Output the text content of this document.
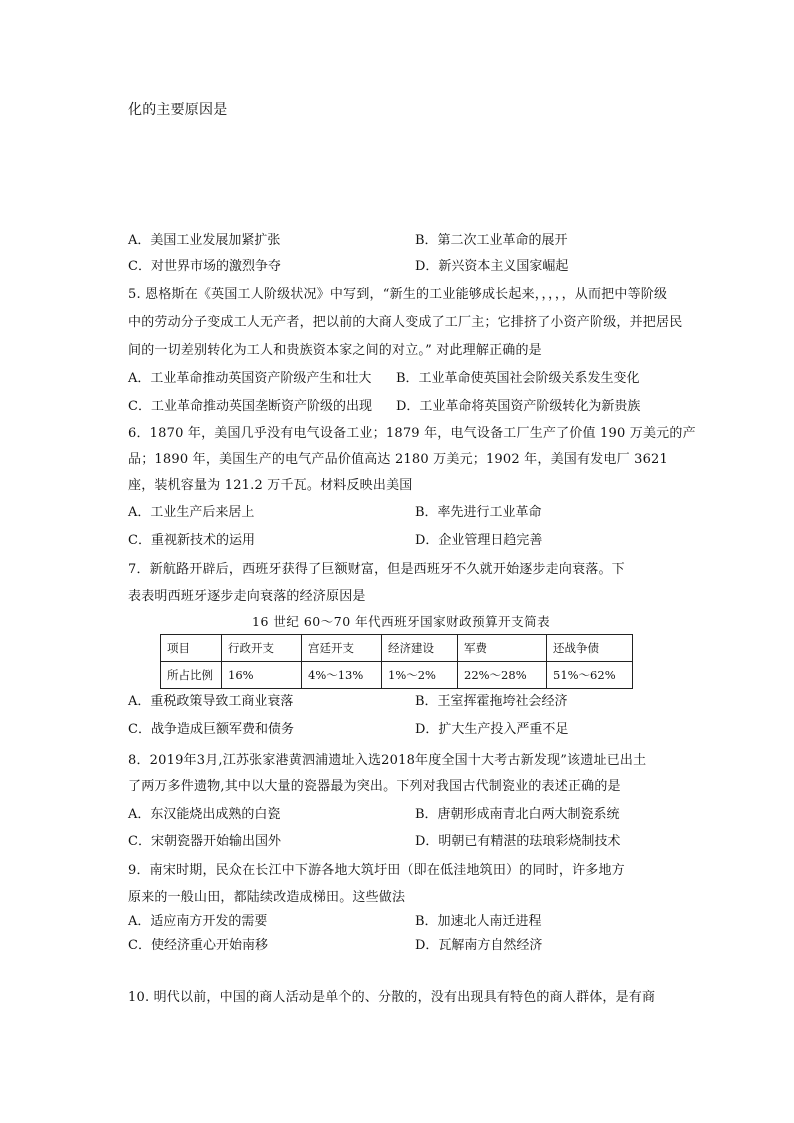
化的主要原因是
A．美国工业发展加紧扩张	B．第二次工业革命的展开
C．对世界市场的激烈争夺	D．新兴资本主义国家崛起
5. 恩格斯在《英国工人阶级状况》中写到，“新生的工业能够成长起来，，，，，从而把中等阶级
中的劳动分子变成工人无产者，把以前的大商人变成了工厂主；它排挤了小资产阶级，并把居民
间的一切差别转化为工人和贵族资本家之间的对立。” 对此理解正确的是
A．工业革命推动英国资产阶级产生和壮大 B．工业革命使英国社会阶级关系发生变化
C．工业革命推动英国垄断资产阶级的出现 D．工业革命将英国资产阶级转化为新贵族
6．1870 年，美国几乎没有电气设备工业；1879 年，电气设备工厂生产了价值 190 万美元的产
品；1890 年，美国生产的电气产品价值高达 2180 万美元；1902 年，美国有发电厂 3621
座，装机容量为 121.2 万千瓦。材料反映出美国
A．工业生产后来居上	B．率先进行工业革命
C．重视新技术的运用	D．企业管理日趋完善
7．新航路开辟后，西班牙获得了巨额财富，但是西班牙不久就开始逐步走向衰落。下
表表明西班牙逐步走向衰落的经济原因是
16 世纪 60～70 年代西班牙国家财政预算开支简表
项目	行政开支	宫廷开支	经济建设	军费	还战争债
所占比例	16%	4%～13%	1%～2%	22%～28%	51%～62%
A．重税政策导致工商业衰落	B．王室挥霍拖垮社会经济
C．战争造成巨额军费和债务	D．扩大生产投入严重不足
8．2019年3月,江苏张家港黄泗浦遗址入选2018年度全国十大考古新发现”该遗址已出土
了两万多件遗物,其中以大量的瓷器最为突出。下列对我国古代制瓷业的表述正确的是
A．东汉能烧出成熟的白瓷	B．唐朝形成南青北白两大制瓷系统
C．宋朝瓷器开始输出国外	D．明朝已有精湛的珐琅彩烧制技术
9．南宋时期，民众在长江中下游各地大筑圩田（即在低洼地筑田）的同时，许多地方
原来的一般山田，都陆续改造成梯田。这些做法
A．适应南方开发的需要	B．加速北人南迁进程
C．使经济重心开始南移	D．瓦解南方自然经济
10. 明代以前，中国的商人活动是单个的、分散的，没有出现具有特色的商人群体，是有商
